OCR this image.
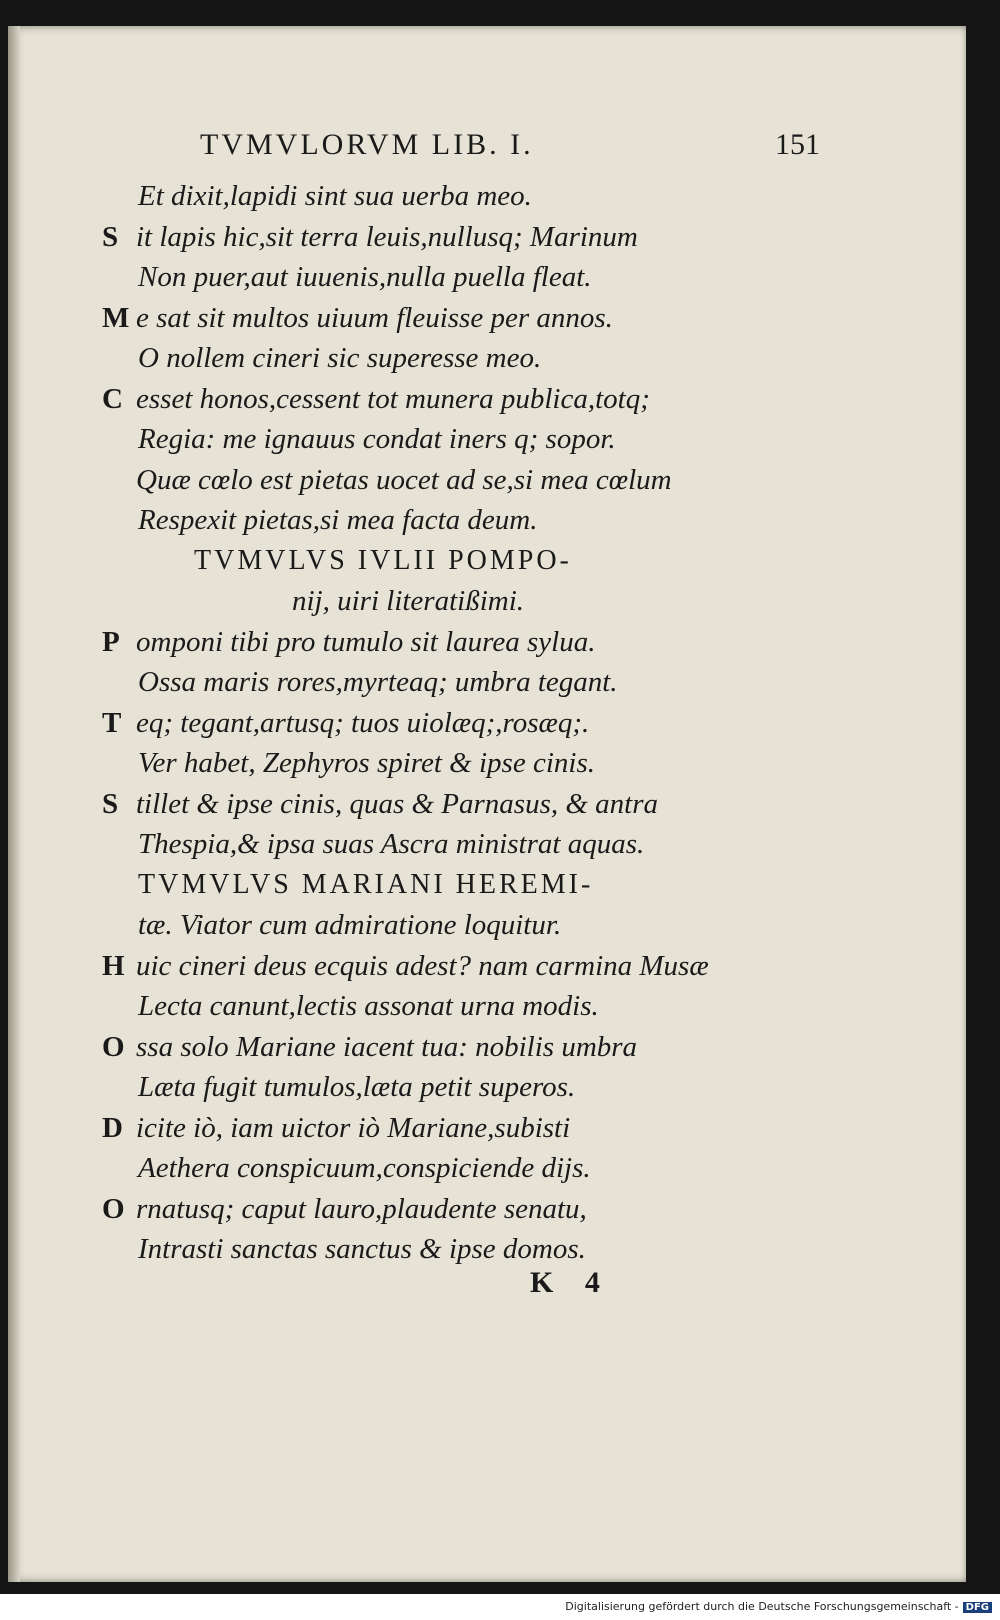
TVMVLORVM LIB. I.	151
Et dixit,lapidi sint sua uerba meo.
S it lapis hic,sit terra leuis,nullusq; Marinum
Non puer,aut iuuenis,nulla puella fleat.
M e sat sit multos uiuum fleuisse per annos.
O nollem cineri sic superesse meo.
C esset honos,cessent tot munera publica,totq;
Regia: me ignauus condat iners q; sopor.
Quæ cœlo est pietas uocet ad se,si mea cœlum
Respexit pietas,si mea facta deum.
TVMVLVS IVLII POMPO-
nij, uiri literatißimi.
P omponi tibi pro tumulo sit laurea sylua.
Ossa maris rores,myrteaq; umbra tegant.
T eq; tegant,artusq; tuos uiolæq;,rosæq;.
Ver habet, Zephyros spiret & ipse cinis.
S tillet & ipse cinis, quas & Parnasus, & antra
Thespia,& ipsa suas Ascra ministrat aquas.
TVMVLVS MARIANI HEREMI-
tæ. Viator cum admiratione loquitur.
H uic cineri deus ecquis adest? nam carmina Musæ
Lecta canunt,lectis assonat urna modis.
O ssa solo Mariane iacent tua: nobilis umbra
Læta fugit tumulos,læta petit superos.
D icite iò, iam uictor iò Mariane,subisti
Aethera conspicuum,conspiciende dijs.
O rnatusq; caput lauro,plaudente senatu,
Intrasti sanctas sanctus & ipse domos.
K 4
Digitalisierung gefördert durch die Deutsche Forschungsgemeinschaft - DFG
